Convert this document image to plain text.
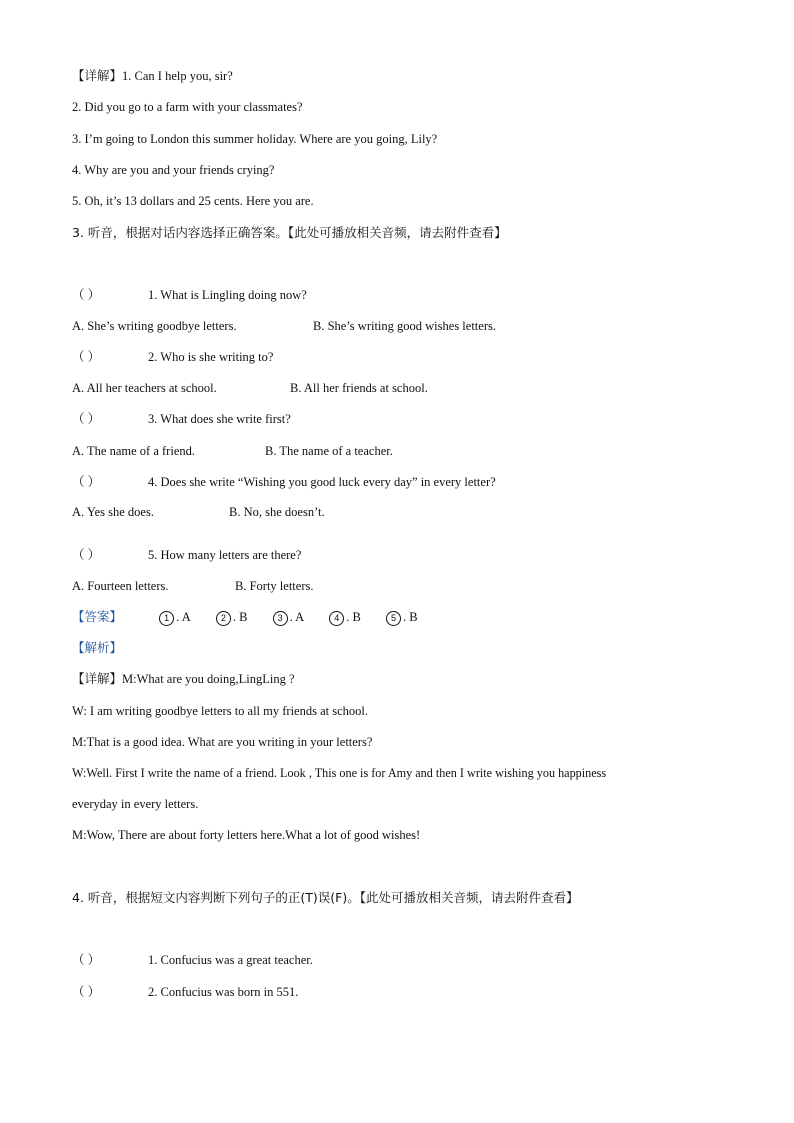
【详解】1. Can I help you, sir?
2. Did you go to a farm with your classmates?
3. I’m going to London this summer holiday. Where are you going, Lily?
4. Why are you and your friends crying?
5. Oh, it’s 13 dollars and 25 cents. Here you are.
3. 听音，根据对话内容选择正确答案。【此处可播放相关音频，请去附件查看】
（ ）	1. What is Lingling doing now?
A. She’s writing goodbye letters.	B. She’s writing good wishes letters.
（ ）	2. Who is she writing to?
A. All her teachers at school.	B. All her friends at school.
（ ）	3. What does she write first?
A. The name of a friend.	B. The name of a teacher.
（ ）	4. Does she write “Wishing you good luck every day” in every letter?
A. Yes she does.	B. No, she doesn’t.
（ ）	5. How many letters are there?
A. Fourteen letters.	B. Forty letters.
【答案】	1 . A	2 . B	3 . A	4 . B	5 . B
【解析】
【详解】M:What are you doing,LingLing ?
W: I am writing goodbye letters to all my friends at school.
M:That is a good idea. What are you writing in your letters?
W:Well. First I write the name of a friend. Look , This one is for Amy and then I write wishing you happiness
everyday in every letters.
M:Wow, There are about forty letters here.What a lot of good wishes!
4. 听音，根据短文内容判断下列句子的正(T)误(F)。【此处可播放相关音频，请去附件查看】
（ ）	1. Confucius was a great teacher.
（ ）	2. Confucius was born in 551.
